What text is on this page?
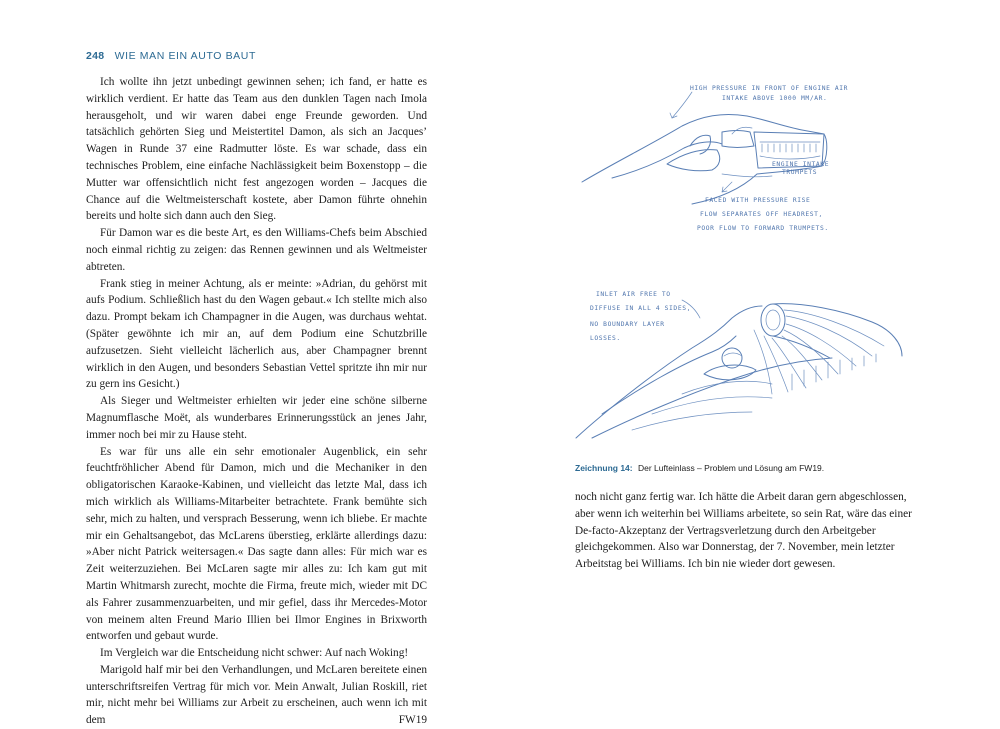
248 WIE MAN EIN AUTO BAUT

Ich wollte ihn jetzt unbedingt gewinnen sehen; ich fand, er hatte es wirklich verdient. Er hatte das Team aus den dunklen Tagen nach Imola herausgeholt, und wir waren dabei enge Freunde geworden. Und tatsächlich gehörten Sieg und Meistertitel Damon, als sich an Jacques’ Wagen in Runde 37 eine Radmutter löste. Es war schade, dass ein technisches Problem, eine einfache Nachlässigkeit beim Boxenstopp – die Mutter war offensichtlich nicht fest angezogen worden – Jacques die Chance auf die Weltmeisterschaft kostete, aber Damon führte ohnehin bereits und holte sich dann auch den Sieg.

Für Damon war es die beste Art, es den Williams-Chefs beim Abschied noch einmal richtig zu zeigen: das Rennen gewinnen und als Weltmeister abtreten.

Frank stieg in meiner Achtung, als er meinte: »Adrian, du gehörst mit aufs Podium. Schließlich hast du den Wagen gebaut.« Ich stellte mich also dazu. Prompt bekam ich Champagner in die Augen, was durchaus wehtat. (Später gewöhnte ich mir an, auf dem Podium eine Schutzbrille aufzusetzen. Sieht vielleicht lächerlich aus, aber Champagner brennt wirklich in den Augen, und besonders Sebastian Vettel spritzte ihn mir nur zu gern ins Gesicht.)

Als Sieger und Weltmeister erhielten wir jeder eine schöne silberne Magnumflasche Moët, als wunderbares Erinnerungsstück an jenes Jahr, immer noch bei mir zu Hause steht.

Es war für uns alle ein sehr emotionaler Augenblick, ein sehr feuchtfröhlicher Abend für Damon, mich und die Mechaniker in den obligatorischen Karaoke-Kabinen, und vielleicht das letzte Mal, dass ich mich wirklich als Williams-Mitarbeiter betrachtete. Frank bemühte sich sehr, mich zu halten, und versprach Besserung, wenn ich bliebe. Er machte mir ein Gehaltsangebot, das McLarens überstieg, erklärte allerdings dazu: »Aber nicht Patrick weitersagen.« Das sagte dann alles: Für mich war es Zeit weiterzuziehen. Bei McLaren sagte mir alles zu: Ich kam gut mit Martin Whitmarsh zurecht, mochte die Firma, freute mich, wieder mit DC als Fahrer zusammenzuarbeiten, und mir gefiel, dass ihr Mercedes-Motor von meinem alten Freund Mario Illien bei Ilmor Engines in Brixworth entworfen und gebaut wurde.

Im Vergleich war die Entscheidung nicht schwer: Auf nach Woking!

Marigold half mir bei den Verhandlungen, und McLaren bereitete einen unterschriftsreifen Vertrag für mich vor. Mein Anwalt, Julian Roskill, riet mir, nicht mehr bei Williams zur Arbeit zu erscheinen, auch wenn ich mit dem FW19

HIGH PRESSURE IN FRONT OF ENGINE AIR
INTAKE ABOVE 1000 MM/AR.
ENGINE INTAKE
TRUMPETS
FACED WITH PRESSURE RISE
FLOW SEPARATES OFF HEADREST,
POOR FLOW TO FORWARD TRUMPETS.
INLET AIR FREE TO
DIFFUSE IN ALL 4 SIDES,
NO BOUNDARY LAYER
LOSSES.
Zeichnung 14: Der Lufteinlass – Problem und Lösung am FW19.

noch nicht ganz fertig war. Ich hätte die Arbeit daran gern abgeschlossen, aber wenn ich weiterhin bei Williams arbeitete, so sein Rat, wäre das einer De-facto-Akzeptanz der Vertragsverletzung durch den Arbeitgeber gleichgekommen. Also war Donnerstag, der 7. November, mein letzter Arbeitstag bei Williams. Ich bin nie wieder dort gewesen.
